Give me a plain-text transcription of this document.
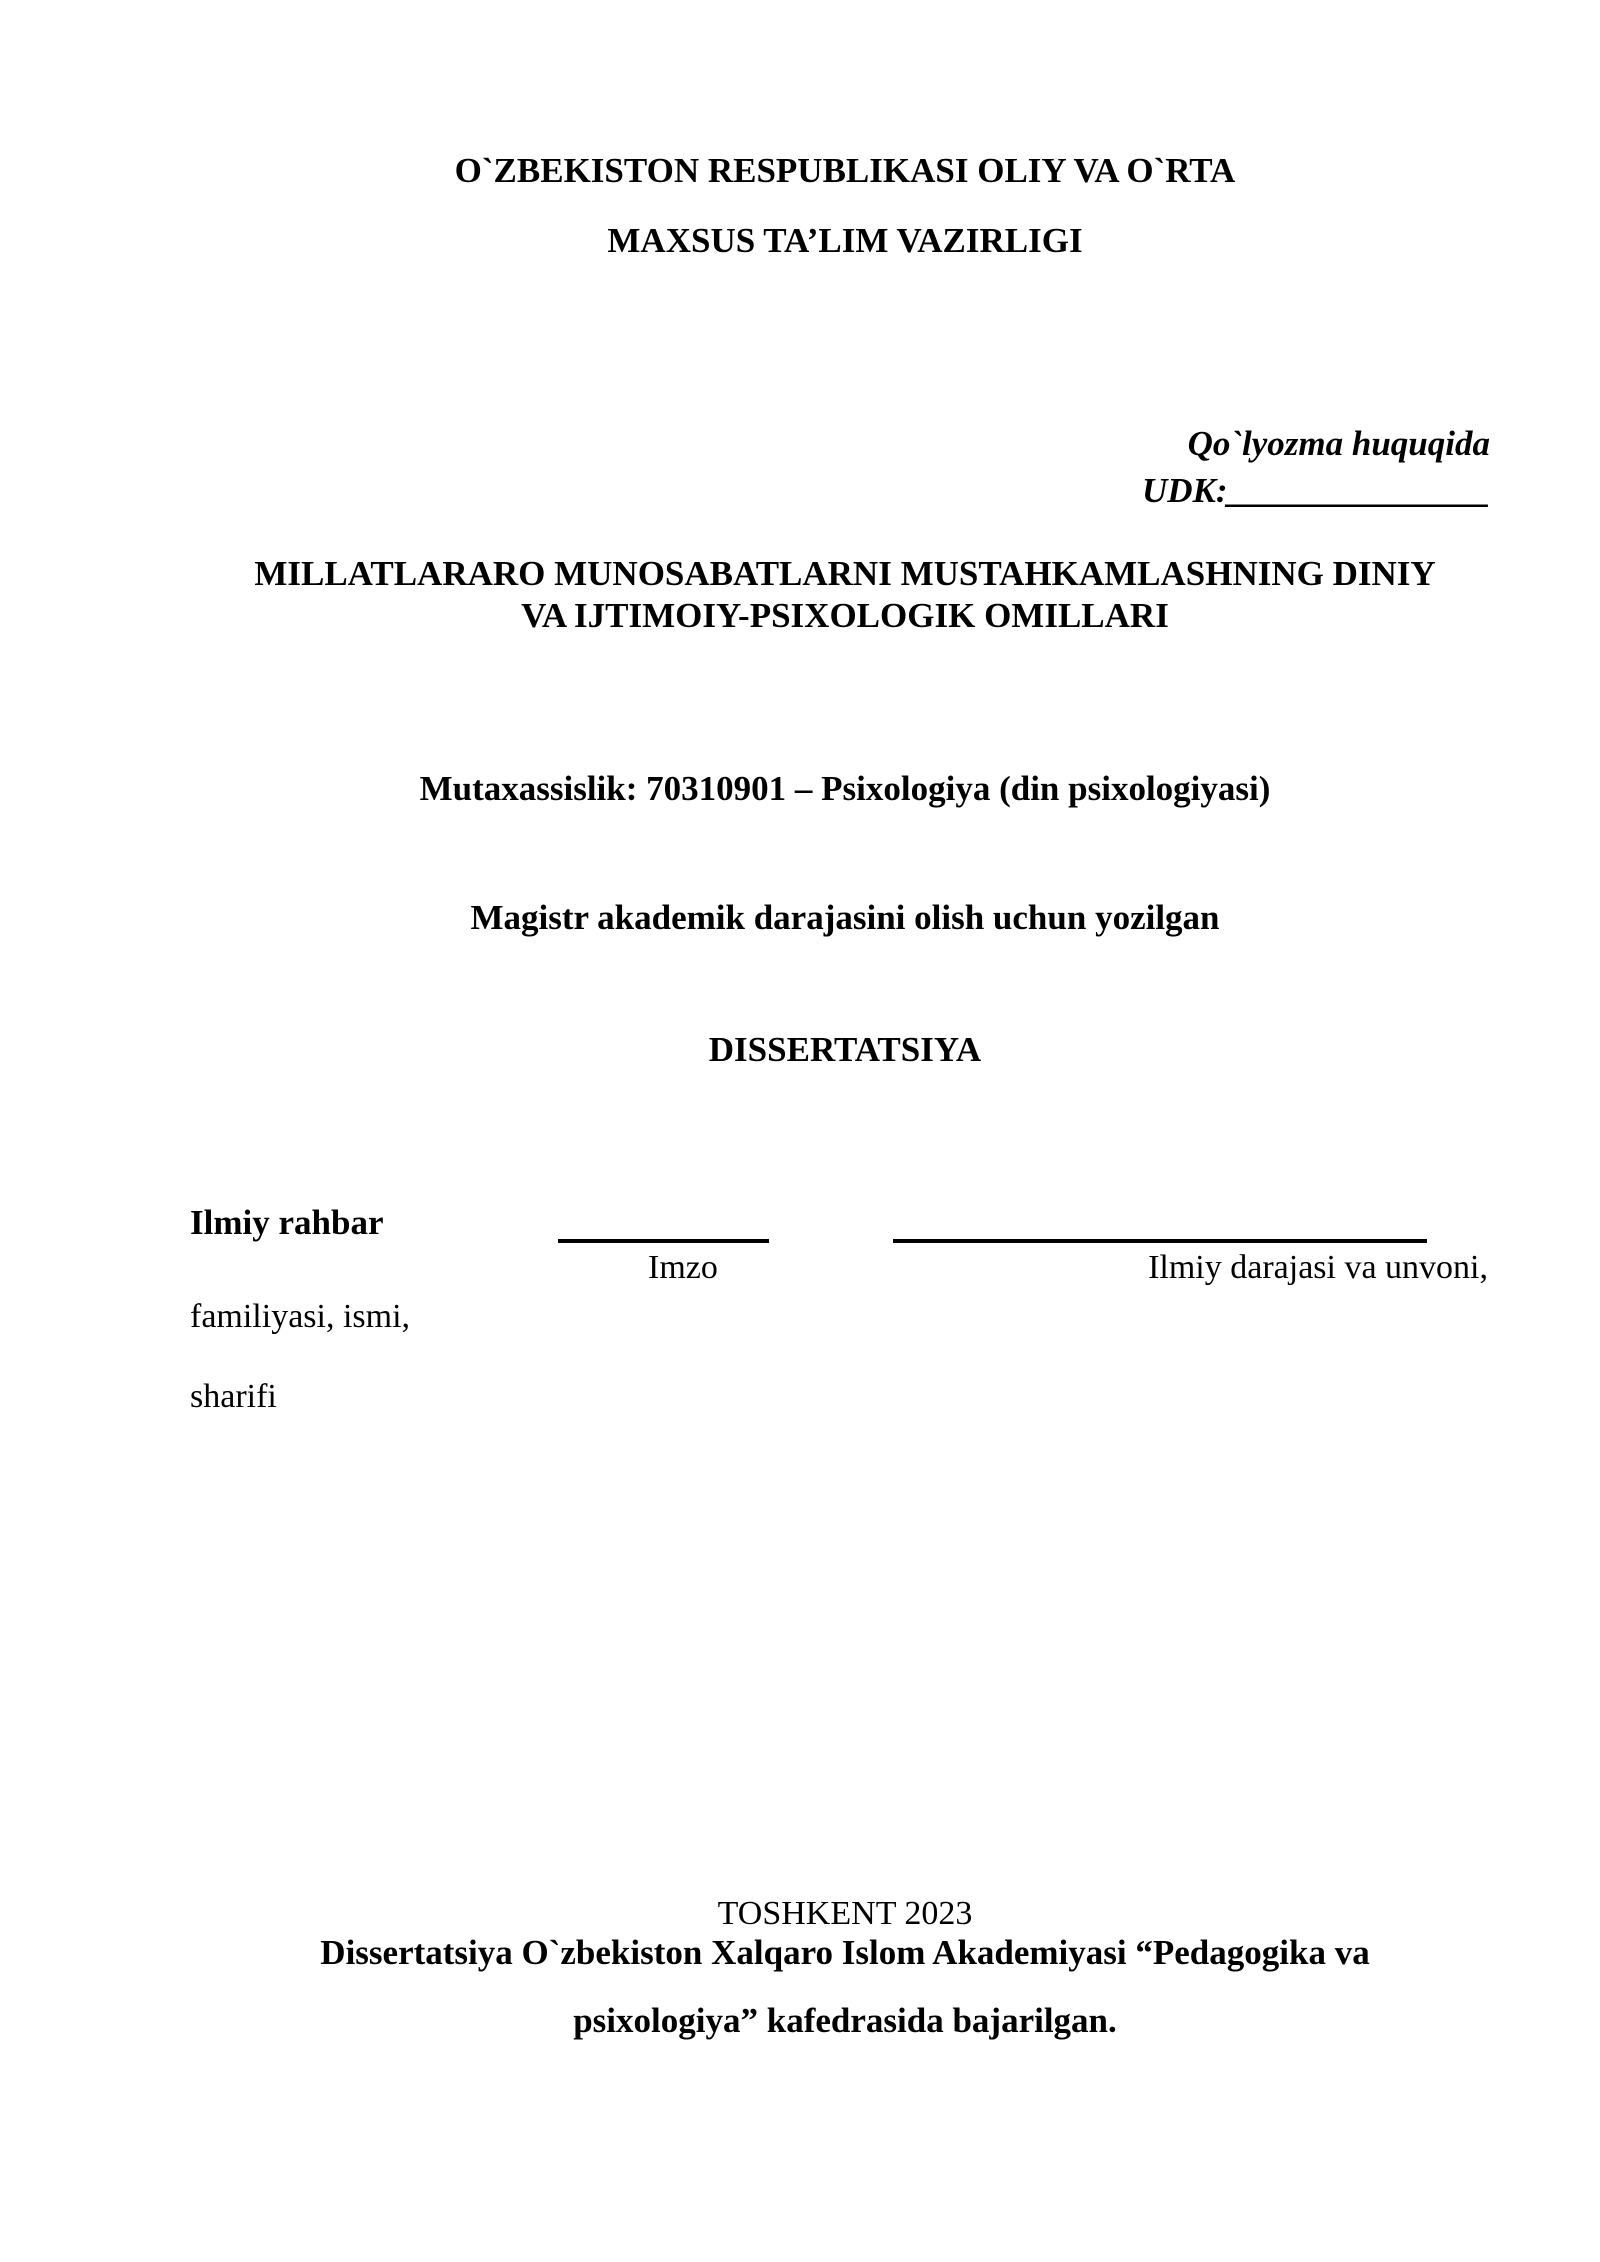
O`ZBEKISTON RESPUBLIKASI OLIY VA O`RTA
MAXSUS TA’LIM VAZIRLIGI
Qo`lyozma huquqida
UDK:_______________
MILLATLARARO MUNOSABATLARNI MUSTAHKAMLASHNING DINIY
VA IJTIMOIY-PSIXOLOGIK OMILLARI
Mutaxassislik: 70310901 – Psixologiya (din psixologiyasi)
Magistr akademik darajasini olish uchun yozilgan
DISSERTATSIYA
Ilmiy rahbar
Imzo	Ilmiy darajasi va unvoni,
familiyasi, ismi,
sharifi
TOSHKENT 2023
Dissertatsiya O`zbekiston Xalqaro Islom Akademiyasi “Pedagogika va
psixologiya” kafedrasida bajarilgan.
